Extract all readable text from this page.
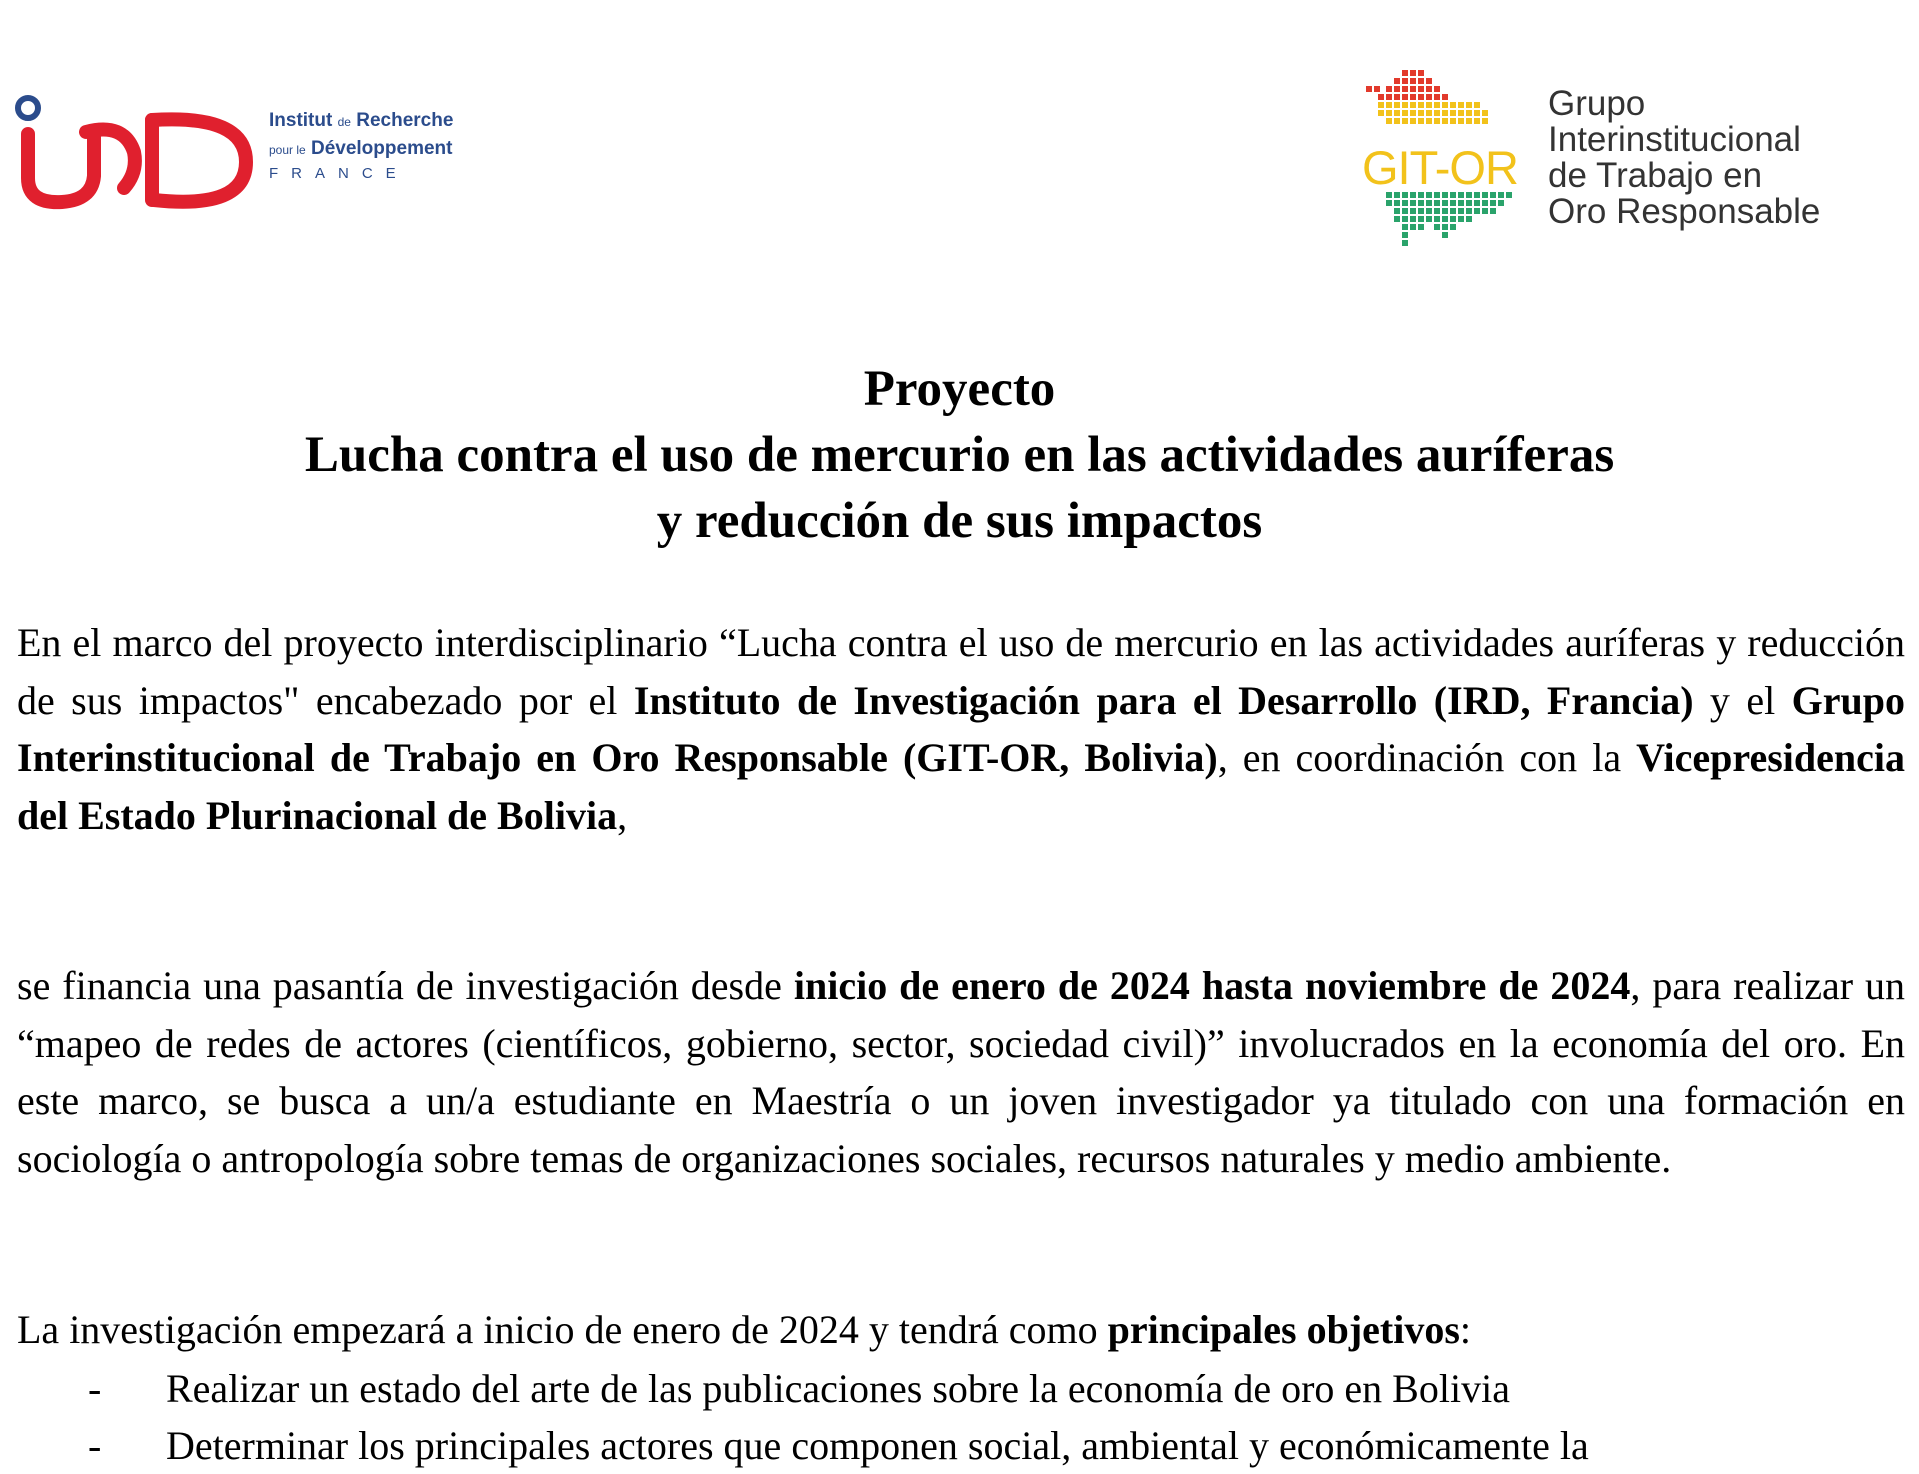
Institut de Recherche
pour le Développement
FRANCE	GIT-OR
Grupo
Interinstitucional
de Trabajo en
Oro Responsable
Proyecto
Lucha contra el uso de mercurio en las actividades auríferas
y reducción de sus impactos
En el marco del proyecto interdisciplinario “Lucha contra el uso de mercurio en las actividades auríferas y reducción de sus impactos" encabezado por el Instituto de Investigación para el Desarrollo (IRD, Francia) y el Grupo Interinstitucional de Trabajo en Oro Responsable (GIT-OR, Bolivia), en coordinación con la Vicepresidencia del Estado Plurinacional de Bolivia,
se financia una pasantía de investigación desde inicio de enero de 2024 hasta noviembre de 2024, para realizar un “mapeo de redes de actores (científicos, gobierno, sector, sociedad civil)” involucrados en la economía del oro. En este marco, se busca a un/a estudiante en Maestría o un joven investigador ya titulado con una formación en sociología o antropología sobre temas de organizaciones sociales, recursos naturales y medio ambiente.
La investigación empezará a inicio de enero de 2024 y tendrá como principales objetivos:
- Realizar un estado del arte de las publicaciones sobre la economía de oro en Bolivia
- Determinar los principales actores que componen social, ambiental y económicamente la
